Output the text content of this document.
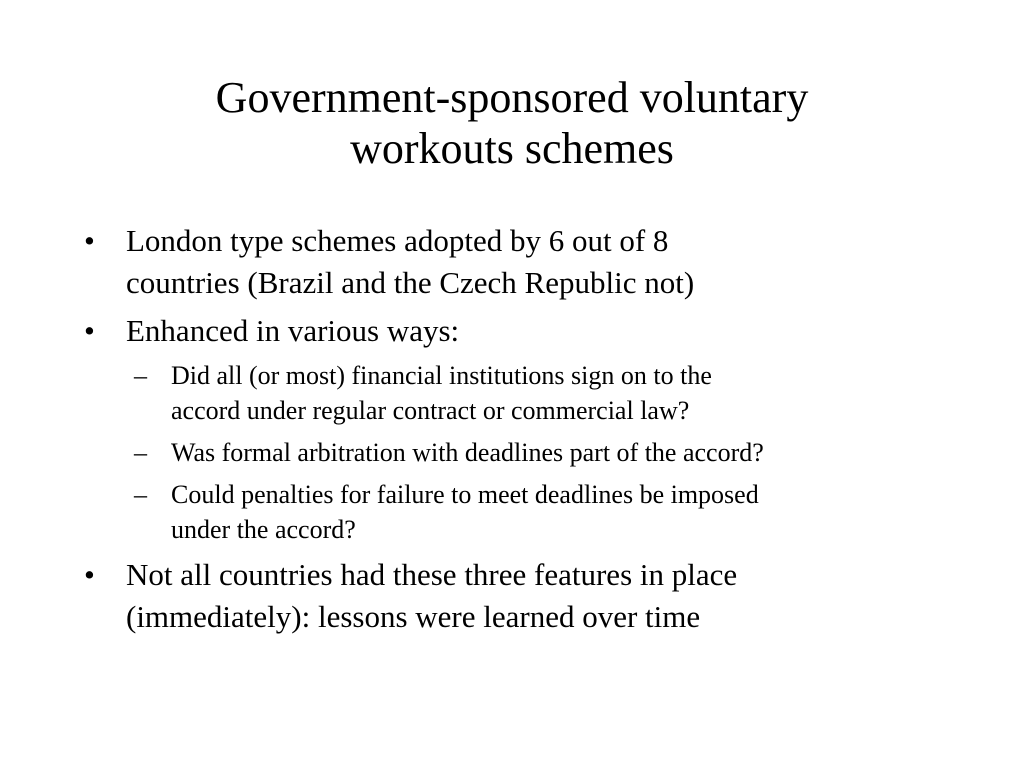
Government-sponsored voluntary
workouts schemes
• London type schemes adopted by 6 out of 8
countries (Brazil and the Czech Republic not)
• Enhanced in various ways:
– Did all (or most) financial institutions sign on to the
accord under regular contract or commercial law?
– Was formal arbitration with deadlines part of the accord?
– Could penalties for failure to meet deadlines be imposed
under the accord?
• Not all countries had these three features in place
(immediately): lessons were learned over time
